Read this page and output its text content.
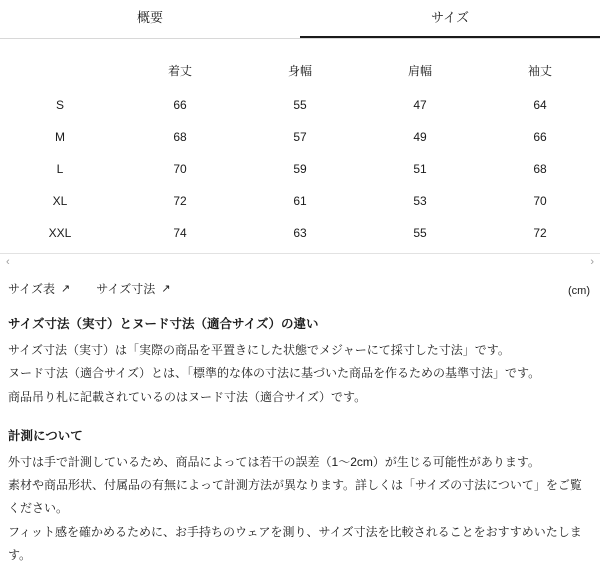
概要	サイズ
	着丈	身幅	肩幅	袖丈
S	66	55	47	64
M	68	57	49	66
L	70	59	51	68
XL	72	61	53	70
XXL	74	63	55	72
‹	›
サイズ表 ↗ サイズ寸法 ↗	(cm)
サイズ寸法（実寸）とヌード寸法（適合サイズ）の違い

サイズ寸法（実寸）は「実際の商品を平置きにした状態でメジャーにて採寸した寸法」です。

ヌード寸法（適合サイズ）とは、「標準的な体の寸法に基づいた商品を作るための基準寸法」です。

商品吊り札に記載されているのはヌード寸法（適合サイズ）です。

計測について

外寸は手で計測しているため、商品によっては若干の誤差（1〜2cm）が生じる可能性があります。

素材や商品形状、付属品の有無によって計測方法が異なります。詳しくは「サイズの寸法について」をご覧ください。

フィット感を確かめるために、お手持ちのウェアを測り、サイズ寸法を比較されることをおすすめいたします。
